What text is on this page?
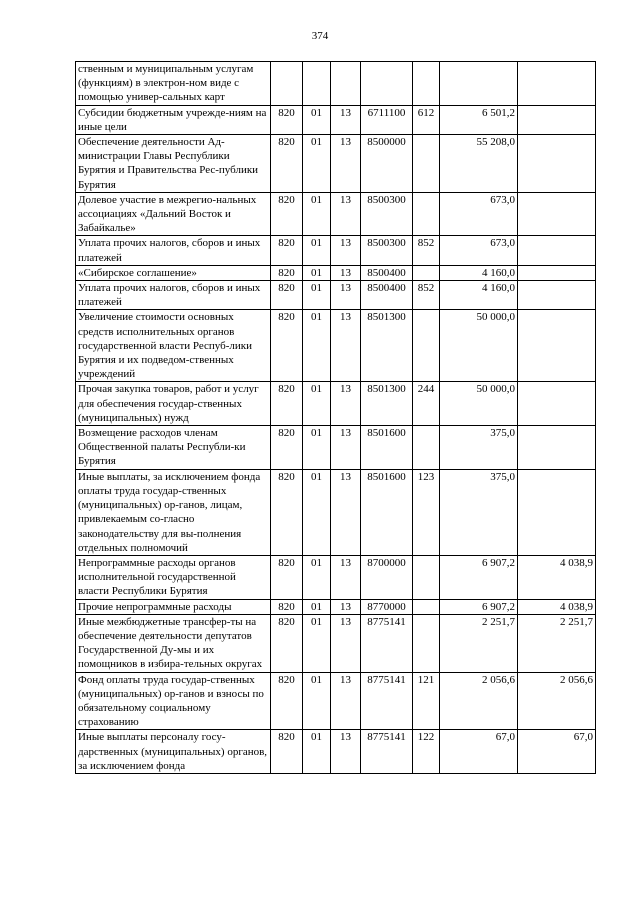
374
ственным и муниципальным услугам (функциям) в электрон-ном виде с помощью универ-сальных карт							
Субсидии бюджетным учрежде-ниям на иные цели	820	01	13	6711100	612	6 501,2	
Обеспечение деятельности Ад-министрации Главы Республики Бурятия и Правительства Рес-публики Бурятия	820	01	13	8500000		55 208,0	
Долевое участие в межрегио-нальных ассоциациях «Дальний Восток и Забайкалье»	820	01	13	8500300		673,0	
Уплата прочих налогов, сборов и иных платежей	820	01	13	8500300	852	673,0	
«Сибирское соглашение»	820	01	13	8500400		4 160,0	
Уплата прочих налогов, сборов и иных платежей	820	01	13	8500400	852	4 160,0	
Увеличение стоимости основных средств исполнительных органов государственной власти Респуб-лики Бурятия и их подведом-ственных учреждений	820	01	13	8501300		50 000,0	
Прочая закупка товаров, работ и услуг для обеспечения государ-ственных (муниципальных) нужд	820	01	13	8501300	244	50 000,0	
Возмещение расходов членам Общественной палаты Республи-ки Бурятия	820	01	13	8501600		375,0	
Иные выплаты, за исключением фонда оплаты труда государ-ственных (муниципальных) ор-ганов, лицам, привлекаемым со-гласно законодательству для вы-полнения отдельных полномочий	820	01	13	8501600	123	375,0	
Непрограммные расходы органов исполнительной государственной власти Республики Бурятия	820	01	13	8700000		6 907,2	4 038,9
Прочие непрограммные расходы	820	01	13	8770000		6 907,2	4 038,9
Иные межбюджетные трансфер-ты на обеспечение деятельности депутатов Государственной Ду-мы и их помощников в избира-тельных округах	820	01	13	8775141		2 251,7	2 251,7
Фонд оплаты труда государ-ственных (муниципальных) ор-ганов и взносы по обязательному социальному страхованию	820	01	13	8775141	121	2 056,6	2 056,6
Иные выплаты персоналу госу-дарственных (муниципальных) органов, за исключением фонда	820	01	13	8775141	122	67,0	67,0
